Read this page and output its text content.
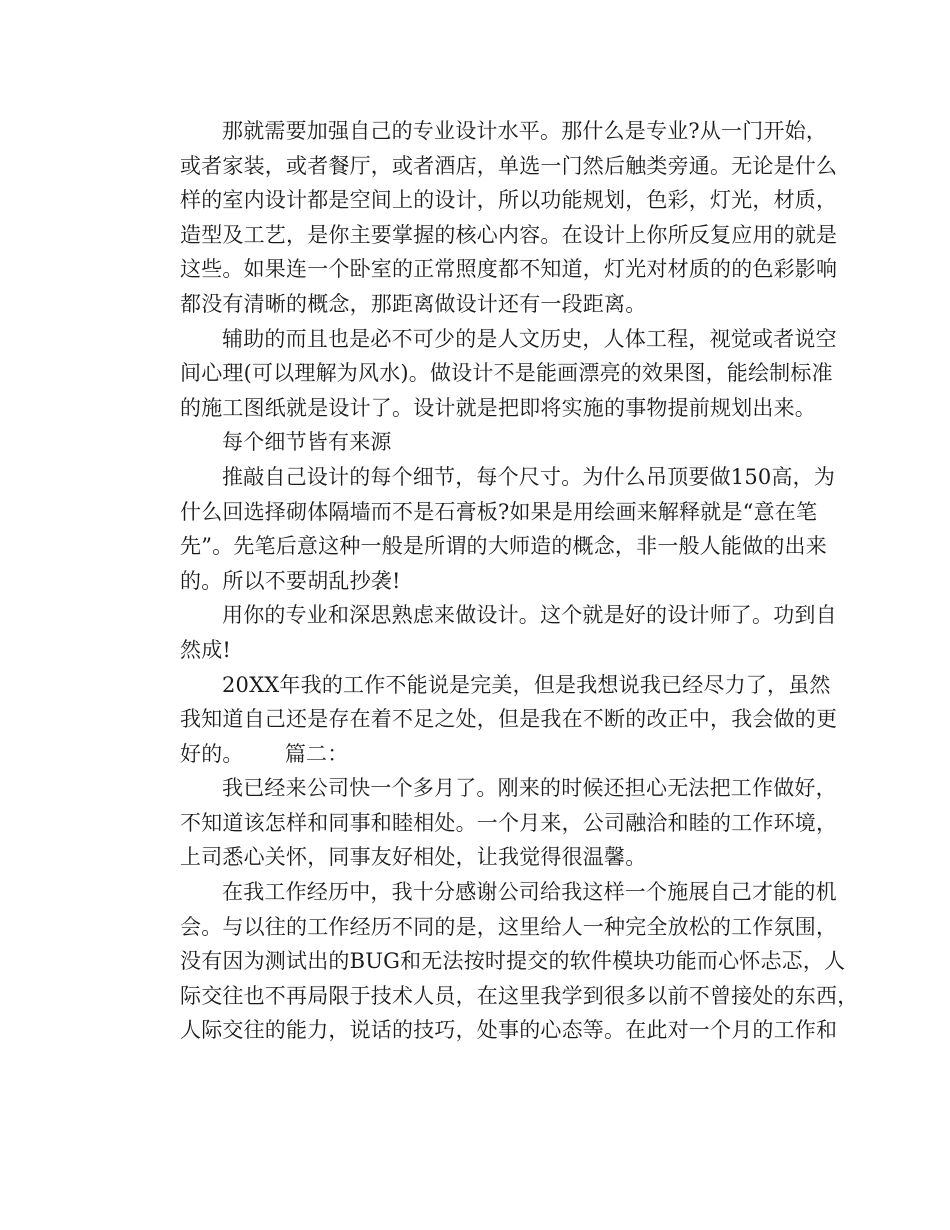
那就需要加强自己的专业设计水平。那什么是专业?从一门开始，
或者家装，或者餐厅，或者酒店，单选一门然后触类旁通。无论是什么
样的室内设计都是空间上的设计，所以功能规划，色彩，灯光，材质，
造型及工艺，是你主要掌握的核心内容。在设计上你所反复应用的就是
这些。如果连一个卧室的正常照度都不知道，灯光对材质的的色彩影响
都没有清晰的概念，那距离做设计还有一段距离。
辅助的而且也是必不可少的是人文历史，人体工程，视觉或者说空
间心理(可以理解为风水)。做设计不是能画漂亮的效果图，能绘制标准
的施工图纸就是设计了。设计就是把即将实施的事物提前规划出来。
每个细节皆有来源
推敲自己设计的每个细节，每个尺寸。为什么吊顶要做150高，为
什么回选择砌体隔墙而不是石膏板?如果是用绘画来解释就是“意在笔
先”。先笔后意这种一般是所谓的大师造的概念，非一般人能做的出来
的。所以不要胡乱抄袭!
用你的专业和深思熟虑来做设计。这个就是好的设计师了。功到自
然成!
20XX年我的工作不能说是完美，但是我想说我已经尽力了，虽然
我知道自己还是存在着不足之处，但是我在不断的改正中，我会做的更
好的。      篇二：
我已经来公司快一个多月了。刚来的时候还担心无法把工作做好，
不知道该怎样和同事和睦相处。一个月来，公司融洽和睦的工作环境，
上司悉心关怀，同事友好相处，让我觉得很温馨。
在我工作经历中，我十分感谢公司给我这样一个施展自己才能的机
会。与以往的工作经历不同的是，这里给人一种完全放松的工作氛围，
没有因为测试出的BUG和无法按时提交的软件模块功能而心怀忐忑，人
际交往也不再局限于技术人员，在这里我学到很多以前不曾接处的东西，
人际交往的能力，说话的技巧，处事的心态等。在此对一个月的工作和
